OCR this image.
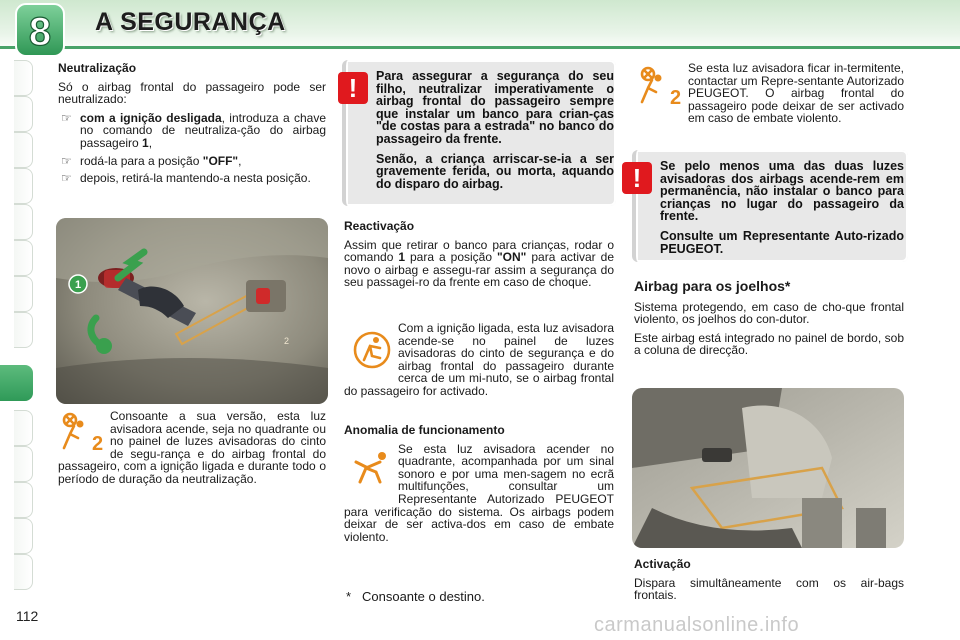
8 A SEGURANÇA
112
Neutralização

Só o airbag frontal do passageiro pode ser neutralizado:

☞ com a ignição desligada, introduza a chave no comando de neutraliza-ção do airbag passageiro 1,
☞ rodá-la para a posição "OFF",
☞ depois, retirá-la mantendo-a nesta posição.
1
2
2
Consoante a sua versão, esta luz avisadora acende, seja no quadrante ou no painel de luzes avisadoras do cinto de segu-rança e do airbag frontal do passageiro, com a ignição ligada e durante todo o período de duração da neutralização.

Para assegurar a segurança do seu filho, neutralizar imperativamente o airbag frontal do passageiro sempre que instalar um banco para crian-ças "de costas para a estrada" no banco do passageiro da frente.

Senão, a criança arriscar-se-ia a ser gravemente ferida, ou morta, aquando do disparo do airbag.

!
Reactivação

Assim que retirar o banco para crianças, rodar o comando 1 para a posição "ON" para activar de novo o airbag e assegu-rar assim a segurança do seu passagei-ro da frente em caso de choque.

Com a ignição ligada, esta luz avisadora acende-se no painel de luzes avisadoras do cinto de segurança e do airbag frontal do passageiro durante cerca de um mi-nuto, se o airbag frontal do passageiro for activado.
Anomalia de funcionamento
Se esta luz avisadora acender no quadrante, acompanhada por um sinal sonoro e por uma men-sagem no ecrã multifunções, consultar um Representante Autorizado PEUGEOT para verificação do sistema. Os airbags podem deixar de ser activa-dos em caso de embate violento.
* Consoante o destino.
2
Se esta luz avisadora ficar in-termitente, contactar um Repre-sentante Autorizado PEUGEOT. O airbag frontal do passageiro pode deixar de ser activado em caso de embate violento.

Se pelo menos uma das duas luzes avisadoras dos airbags acende-rem em permanência, não instalar o banco para crianças no lugar do passageiro da frente.

Consulte um Representante Auto-rizado PEUGEOT.

!
Airbag para os joelhos*

Sistema protegendo, em caso de cho-que frontal violento, os joelhos do con-dutor.

Este airbag está integrado no painel de bordo, sob a coluna de direcção.

Activação

Dispara simultâneamente com os air-bags frontais.

carmanualsonline.info
